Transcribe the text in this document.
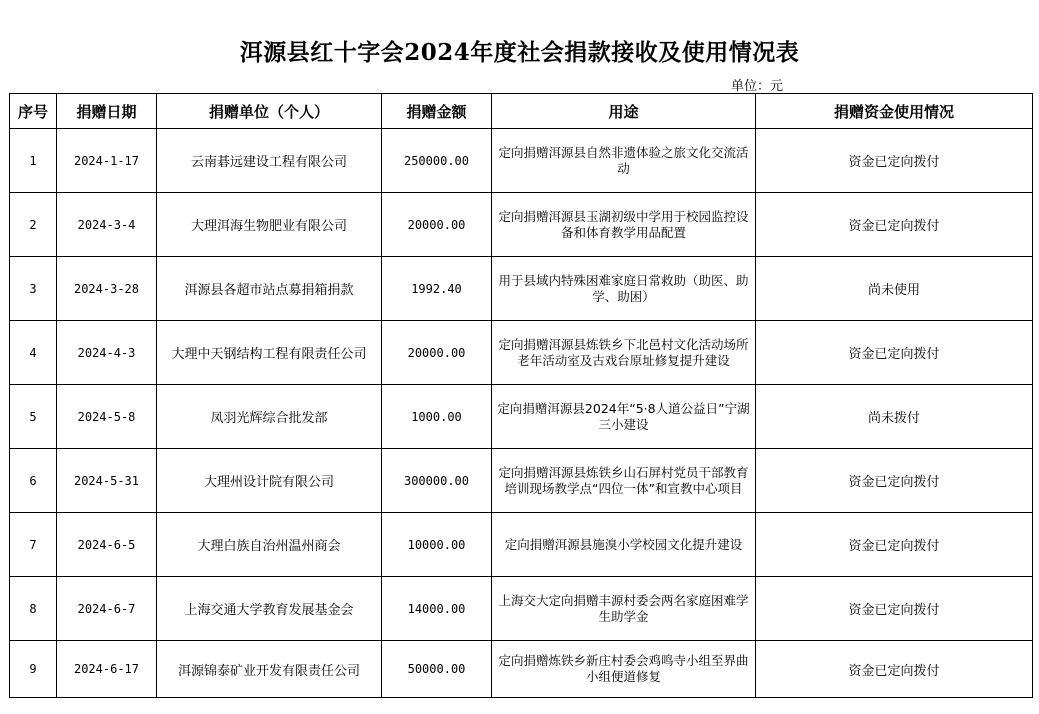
洱源县红十字会2024年度社会捐款接收及使用情况表
单位：元
序号	捐赠日期	捐赠单位（个人）	捐赠金额	用途	捐赠资金使用情况
1	2024-1-17	云南碁远建设工程有限公司	250000.00	定向捐赠洱源县自然非遗体验之旅文化交流活动	资金已定向拨付
2	2024-3-4	大理洱海生物肥业有限公司	20000.00	定向捐赠洱源县玉湖初级中学用于校园监控设备和体育教学用品配置	资金已定向拨付
3	2024-3-28	洱源县各超市站点募捐箱捐款	1992.40	用于县域内特殊困难家庭日常救助（助医、助学、助困）	尚未使用
4	2024-4-3	大理中天钢结构工程有限责任公司	20000.00	定向捐赠洱源县炼铁乡下北邑村文化活动场所老年活动室及古戏台原址修复提升建设	资金已定向拨付
5	2024-5-8	凤羽光辉综合批发部	1000.00	定向捐赠洱源县2024年“5·8人道公益日”宁湖三小建设	尚未拨付
6	2024-5-31	大理州设计院有限公司	300000.00	定向捐赠洱源县炼铁乡山石屏村党员干部教育培训现场教学点“四位一体”和宣教中心项目	资金已定向拨付
7	2024-6-5	大理白族自治州温州商会	10000.00	定向捐赠洱源县施溴小学校园文化提升建设	资金已定向拨付
8	2024-6-7	上海交通大学教育发展基金会	14000.00	上海交大定向捐赠丰源村委会两名家庭困难学生助学金	资金已定向拨付
9	2024-6-17	洱源锦泰矿业开发有限责任公司	50000.00	定向捐赠炼铁乡新庄村委会鸡鸣寺小组至界曲小组便道修复	资金已定向拨付
